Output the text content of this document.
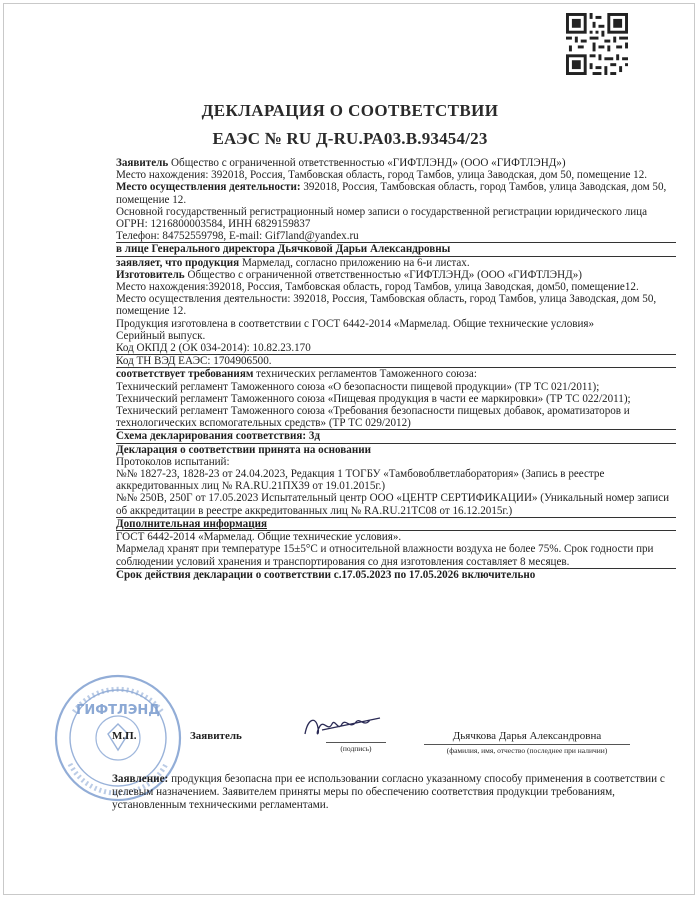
ДЕКЛАРАЦИЯ О СООТВЕТСТВИИ
ЕАЭС № RU Д-RU.РА03.В.93454/23

Заявитель Общество с ограниченной ответственностью «ГИФТЛЭНД» (ООО «ГИФТЛЭНД»)

Место нахождения: 392018, Россия, Тамбовская область, город Тамбов, улица Заводская, дом 50, помещение 12.

Место осуществления деятельности: 392018, Россия, Тамбовская область, город Тамбов, улица Заводская, дом 50, помещение 12.

Основной государственный регистрационный номер записи о государственной регистрации юридического лица ОГРН: 1216800003584, ИНН 6829159837

Телефон: 84752559798, E-mail: Gif7land@yandex.ru

в лице Генерального директора Дьячковой Дарьи Александровны

заявляет, что продукция Мармелад, согласно приложению на 6-и листах.

Изготовитель Общество с ограниченной ответственностью «ГИФТЛЭНД» (ООО «ГИФТЛЭНД»)

Место нахождения:392018, Россия, Тамбовская область, город Тамбов, улица Заводская, дом50, помещение12.

Место осуществления деятельности: 392018, Россия, Тамбовская область, город Тамбов, улица Заводская, дом 50, помещение 12.

Продукция изготовлена в соответствии с ГОСТ 6442-2014 «Мармелад. Общие технические условия»

Серийный выпуск.

Код ОКПД 2 (ОК 034-2014): 10.82.23.170

Код ТН ВЭД ЕАЭС: 1704906500.

соответствует требованиям технических регламентов Таможенного союза:

Технический регламент Таможенного союза «О безопасности пищевой продукции» (ТР ТС 021/2011);

Технический регламент Таможенного союза «Пищевая продукция в части ее маркировки» (ТР ТС 022/2011);

Технический регламент Таможенного союза «Требования безопасности пищевых добавок, ароматизаторов и технологических вспомогательных средств» (ТР ТС 029/2012)

Схема декларирования соответствия: 3д

Декларация о соответствии принята на основании

Протоколов испытаний:

№№ 1827-23, 1828-23 от 24.04.2023, Редакция 1 ТОГБУ «Тамбовоблветлаборатория» (Запись в реестре аккредитованных лиц № RA.RU.21ПХ39 от 19.01.2015г.)

№№ 250В, 250Г от 17.05.2023 Испытательный центр ООО «ЦЕНТР СЕРТИФИКАЦИИ» (Уникальный номер записи об аккредитации в реестре аккредитованных лиц № RA.RU.21ТС08 от 16.12.2015г.)

Дополнительная информация

ГОСТ 6442-2014 «Мармелад. Общие технические условия».

Мармелад хранят при температуре 15±5°С и относительной влажности воздуха не более 75%. Срок годности при соблюдении условий хранения и транспортирования со дня изготовления составляет 8 месяцев.

Срок действия декларации о соответствии с.17.05.2023 по 17.05.2026 включительно

ГИФТЛЭНД
М.П.	Заявитель
(подпись)
Дьячкова Дарья Александровна
(фамилия, имя, отчество (последнее при наличии)

Заявление: продукция безопасна при ее использовании согласно указанному способу применения в соответствии с целевым назначением. Заявителем приняты меры по обеспечению соответствия продукции требованиям, установленным техническими регламентами.
